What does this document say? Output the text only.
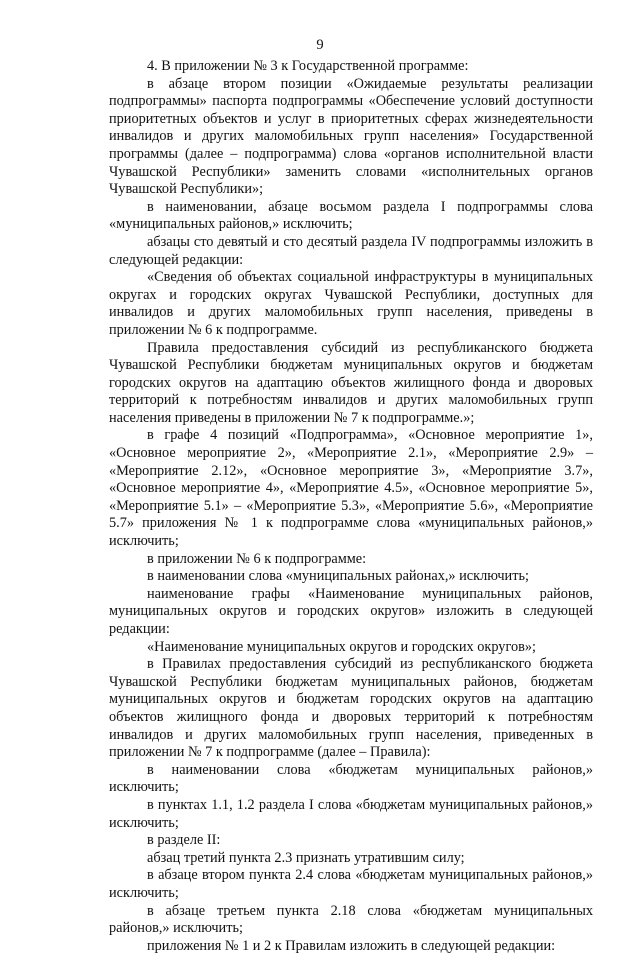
9

4. В приложении № 3 к Государственной программе:

в абзаце втором позиции «Ожидаемые результаты реализации подпрограммы» паспорта подпрограммы «Обеспечение условий доступности приоритетных объектов и услуг в приоритетных сферах жизнедеятельности инвалидов и других маломобильных групп населения» Государственной программы (далее – подпрограмма) слова «органов исполнительной власти Чувашской Республики» заменить словами «исполнительных органов Чувашской Республики»;

в наименовании, абзаце восьмом раздела I подпрограммы слова «муниципальных районов,» исключить;

абзацы сто девятый и сто десятый раздела IV подпрограммы изложить в следующей редакции:

«Сведения об объектах социальной инфраструктуры в муниципальных округах и городских округах Чувашской Республики, доступных для инвалидов и других маломобильных групп населения, приведены в приложении № 6 к подпрограмме.

Правила предоставления субсидий из республиканского бюджета Чувашской Республики бюджетам муниципальных округов и бюджетам городских округов на адаптацию объектов жилищного фонда и дворовых территорий к потребностям инвалидов и других маломобильных групп населения приведены в приложении № 7 к подпрограмме.»;

в графе 4 позиций «Подпрограмма», «Основное мероприятие 1», «Основное мероприятие 2», «Мероприятие 2.1», «Мероприятие 2.9» – «Мероприятие 2.12», «Основное мероприятие 3», «Мероприятие 3.7», «Основное мероприятие 4», «Мероприятие 4.5», «Основное мероприятие 5», «Мероприятие 5.1» – «Мероприятие 5.3», «Мероприятие 5.6», «Мероприятие 5.7» приложения № 1 к подпрограмме слова «муниципальных районов,» исключить;

в приложении № 6 к подпрограмме:

в наименовании слова «муниципальных районах,» исключить;

наименование графы «Наименование муниципальных районов, муниципальных округов и городских округов» изложить в следующей редакции:

«Наименование муниципальных округов и городских округов»;

в Правилах предоставления субсидий из республиканского бюджета Чувашской Республики бюджетам муниципальных районов, бюджетам муниципальных округов и бюджетам городских округов на адаптацию объектов жилищного фонда и дворовых территорий к потребностям инвалидов и других маломобильных групп населения, приведенных в приложении № 7 к подпрограмме (далее – Правила):

в наименовании слова «бюджетам муниципальных районов,» исключить;

в пунктах 1.1, 1.2 раздела I слова «бюджетам муниципальных районов,» исключить;

в разделе II:

абзац третий пункта 2.3 признать утратившим силу;

в абзаце втором пункта 2.4 слова «бюджетам муниципальных районов,» исключить;

в абзаце третьем пункта 2.18 слова «бюджетам муниципальных районов,» исключить;

приложения № 1 и 2 к Правилам изложить в следующей редакции:
